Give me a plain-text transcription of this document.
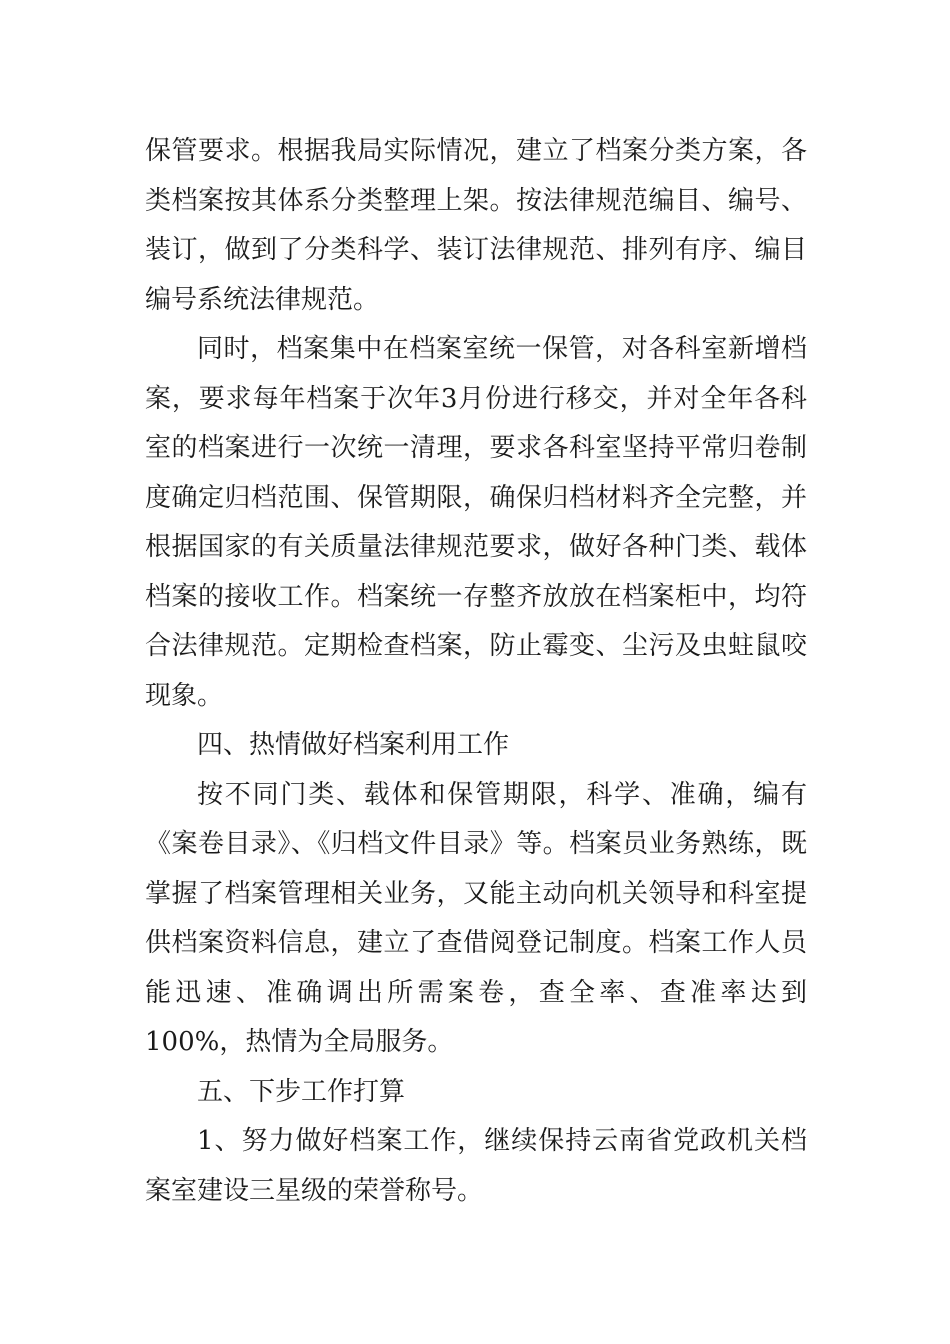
保管要求。根据我局实际情况，建立了档案分类方案，各类档案按其体系分类整理上架。按法律规范编目、编号、装订，做到了分类科学、装订法律规范、排列有序、编目编号系统法律规范。

同时，档案集中在档案室统一保管，对各科室新增档案，要求每年档案于次年3月份进行移交，并对全年各科室的档案进行一次统一清理，要求各科室坚持平常归卷制度确定归档范围、保管期限，确保归档材料齐全完整，并根据国家的有关质量法律规范要求，做好各种门类、载体档案的接收工作。档案统一存整齐放放在档案柜中，均符合法律规范。定期检查档案，防止霉变、尘污及虫蛀鼠咬现象。

四、热情做好档案利用工作

按不同门类、载体和保管期限，科学、准确，编有《案卷目录》、《归档文件目录》等。档案员业务熟练，既掌握了档案管理相关业务，又能主动向机关领导和科室提供档案资料信息，建立了查借阅登记制度。档案工作人员能迅速、准确调出所需案卷，查全率、查准率达到100%，热情为全局服务。

五、下步工作打算

1、努力做好档案工作，继续保持云南省党政机关档案室建设三星级的荣誉称号。
